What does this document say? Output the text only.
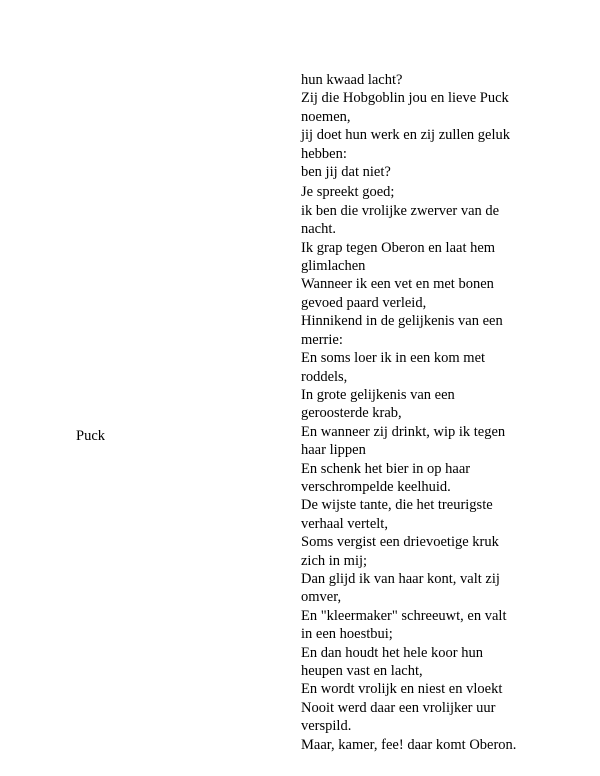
Puck

hun kwaad lacht?
Zij die Hobgoblin jou en lieve Puck
noemen,
jij doet hun werk en zij zullen geluk
hebben:
ben jij dat niet?

Je spreekt goed;
ik ben die vrolijke zwerver van de
nacht.
Ik grap tegen Oberon en laat hem
glimlachen
Wanneer ik een vet en met bonen
gevoed paard verleid,
Hinnikend in de gelijkenis van een
merrie:
En soms loer ik in een kom met
roddels,
In grote gelijkenis van een
geroosterde krab,
En wanneer zij drinkt, wip ik tegen
haar lippen
En schenk het bier in op haar
verschrompelde keelhuid.
De wijste tante, die het treurigste
verhaal vertelt,
Soms vergist een drievoetige kruk
zich in mij;
Dan glijd ik van haar kont, valt zij
omver,
En "kleermaker" schreeuwt, en valt
in een hoestbui;
En dan houdt het hele koor hun
heupen vast en lacht,
En wordt vrolijk en niest en vloekt
Nooit werd daar een vrolijker uur
verspild.
Maar, kamer, fee! daar komt Oberon.
